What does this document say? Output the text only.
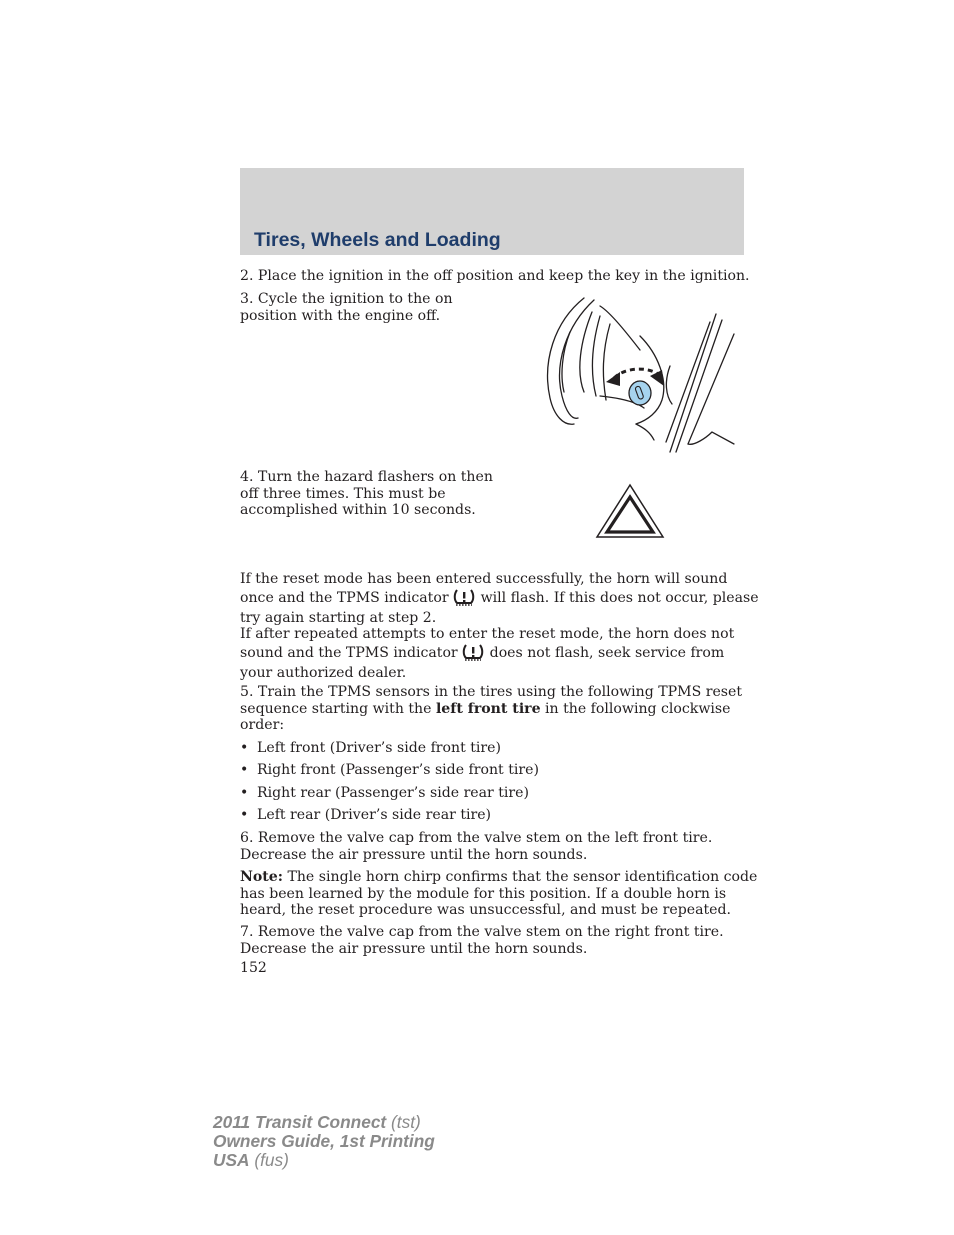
Tires, Wheels and Loading

2. Place the ignition in the off position and keep the key in the ignition.

3. Cycle the ignition to the on position with the engine off.

4. Turn the hazard flashers on then off three times. This must be accomplished within 10 seconds.

If the reset mode has been entered successfully, the horn will sound once and the TPMS indicator will flash. If this does not occur, please try again starting at step 2.

If after repeated attempts to enter the reset mode, the horn does not sound and the TPMS indicator does not flash, seek service from your authorized dealer.

5. Train the TPMS sensors in the tires using the following TPMS reset sequence starting with the left front tire in the following clockwise order:

• Left front (Driver’s side front tire)
• Right front (Passenger’s side front tire)
• Right rear (Passenger’s side rear tire)
• Left rear (Driver’s side rear tire)

6. Remove the valve cap from the valve stem on the left front tire. Decrease the air pressure until the horn sounds.

Note: The single horn chirp confirms that the sensor identification code has been learned by the module for this position. If a double horn is heard, the reset procedure was unsuccessful, and must be repeated.

7. Remove the valve cap from the valve stem on the right front tire. Decrease the air pressure until the horn sounds.

152

2011 Transit Connect (tst)
Owners Guide, 1st Printing
USA (fus)
